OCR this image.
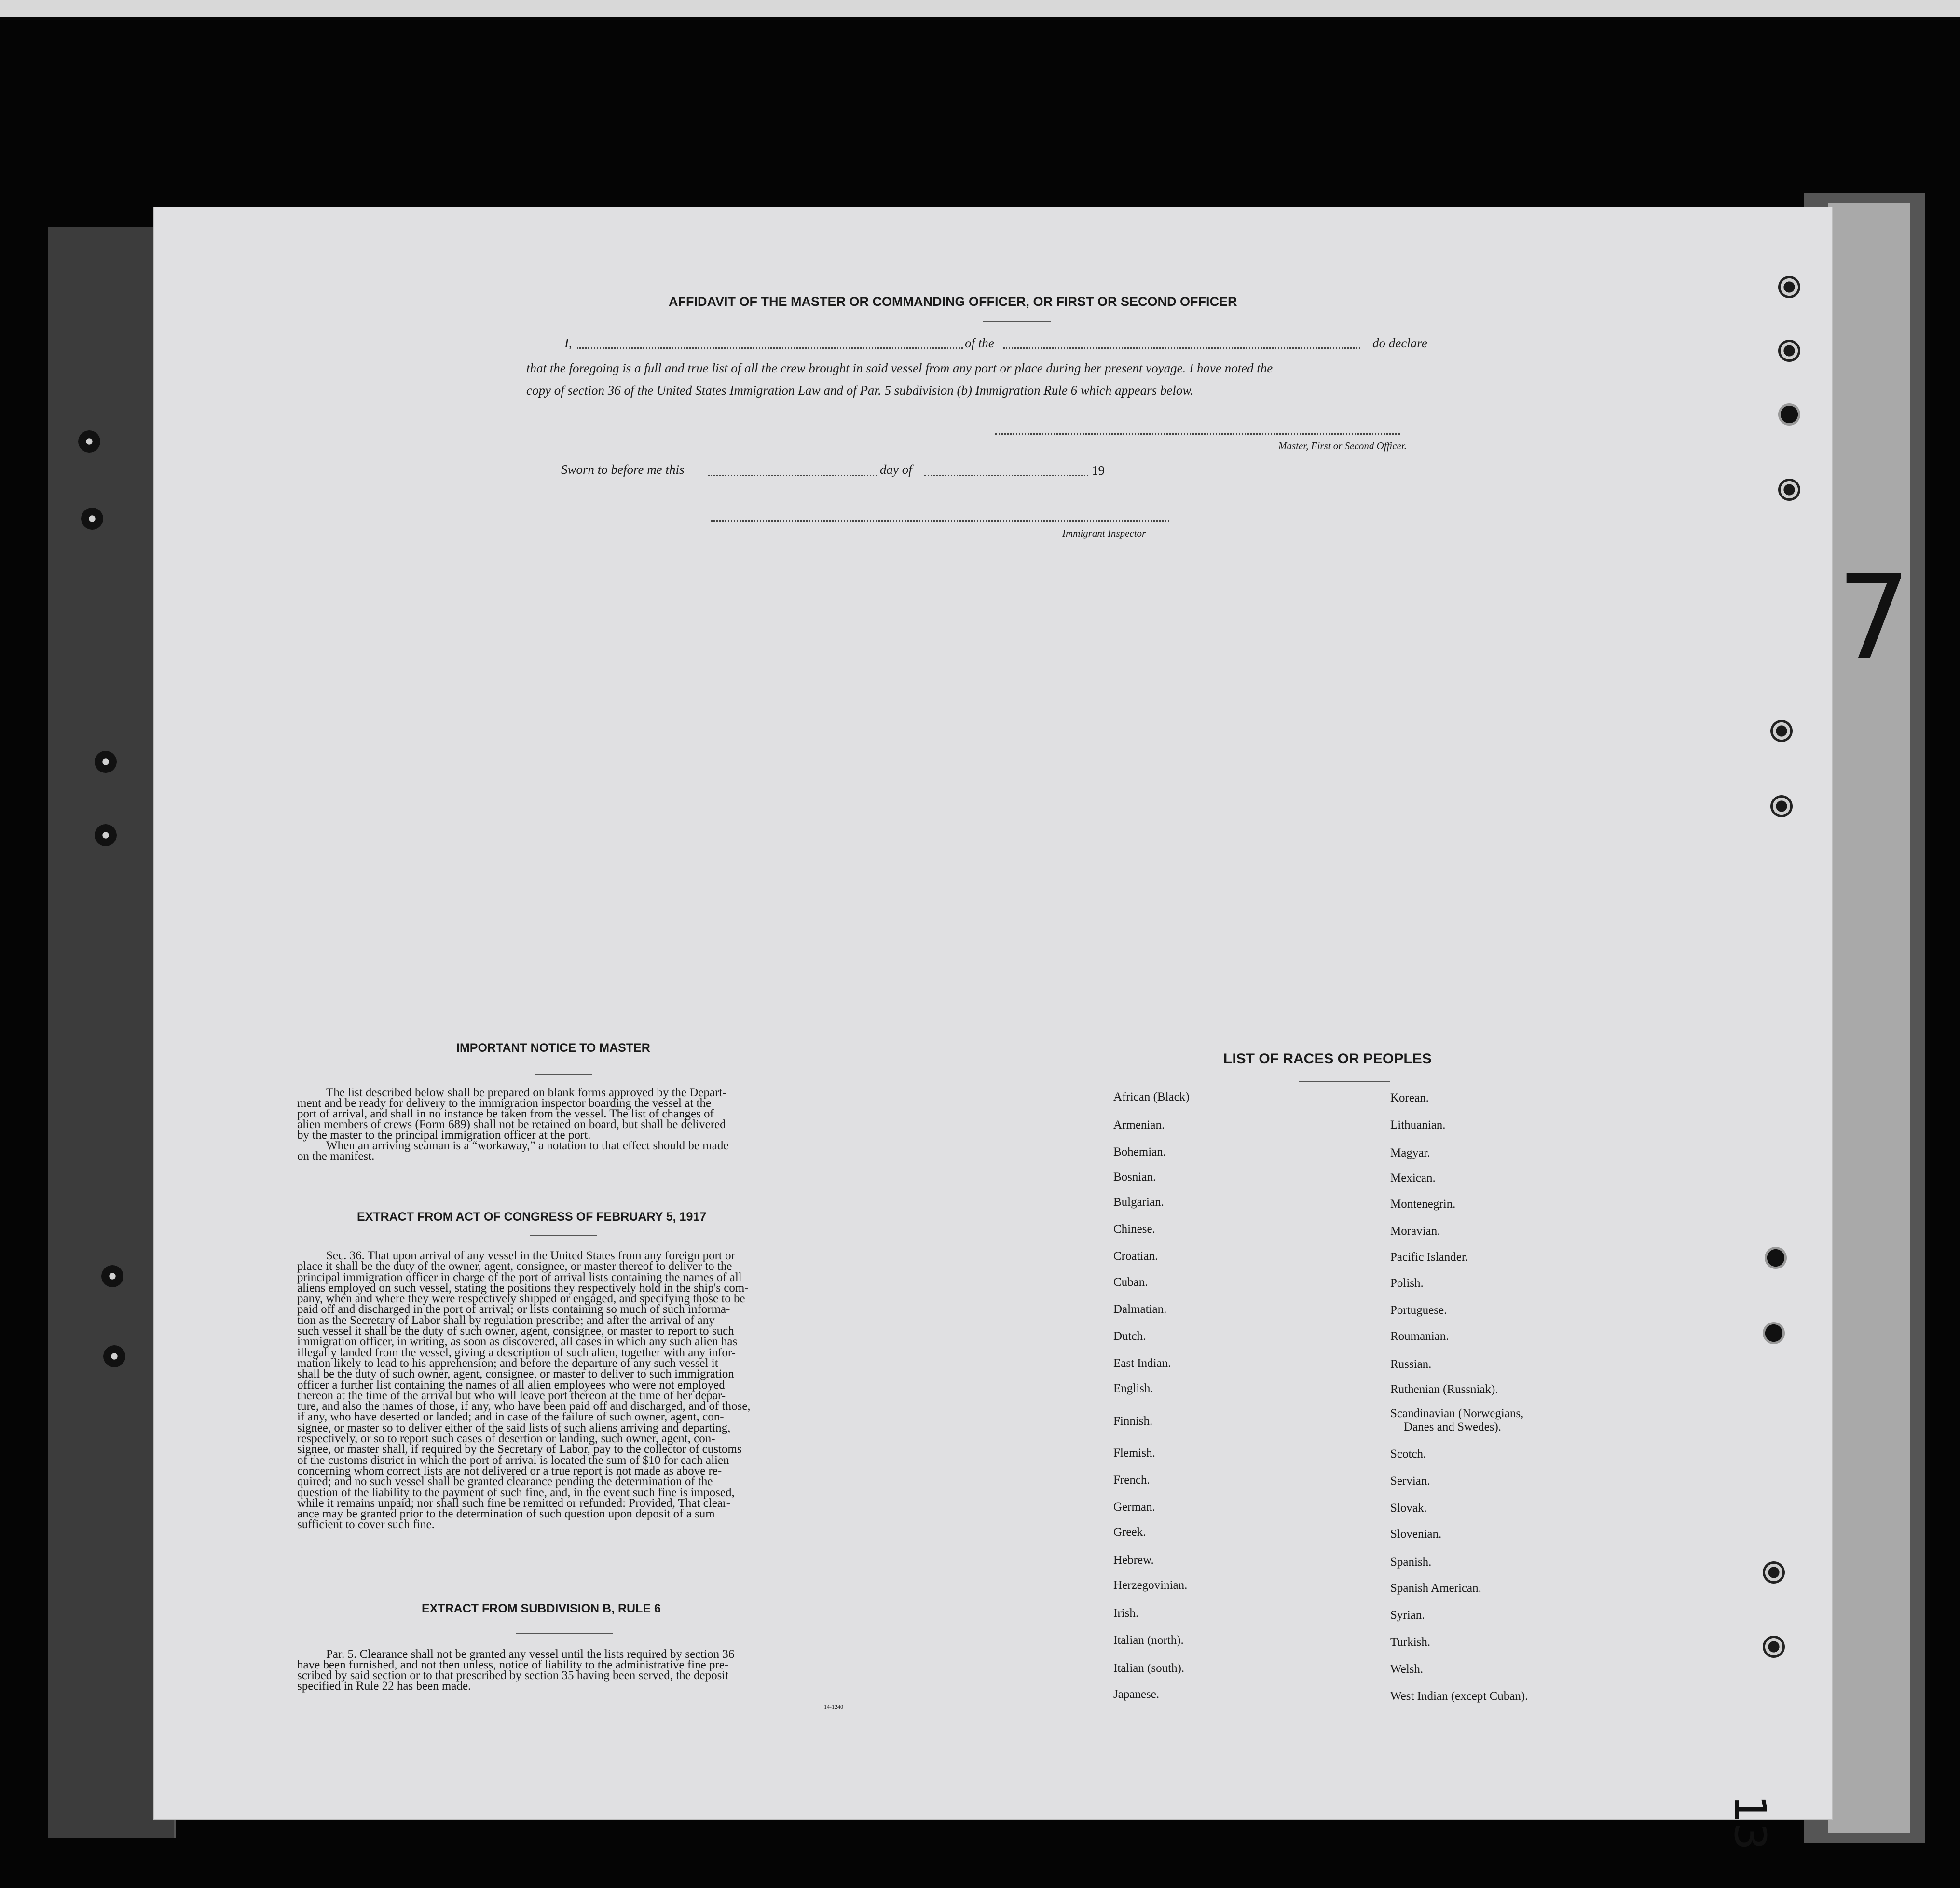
AFFIDAVIT OF THE MASTER OR COMMANDING OFFICER, OR FIRST OR SECOND OFFICER
I,	of the	do declare
that the foregoing is a full and true list of all the crew brought in said vessel from any port or place during her present voyage. I have noted the
copy of section 36 of the United States Immigration Law and of Par. 5 subdivision (b) Immigration Rule 6 which appears below.
Master, First or Second Officer.
Sworn to before me this	day of	19
Immigrant Inspector
IMPORTANT NOTICE TO MASTER
The list described below shall be prepared on blank forms approved by the Depart-
ment and be ready for delivery to the immigration inspector boarding the vessel at the
port of arrival, and shall in no instance be taken from the vessel. The list of changes of
alien members of crews (Form 689) shall not be retained on board, but shall be delivered
by the master to the principal immigration officer at the port.
When an arriving seaman is a “workaway,” a notation to that effect should be made
on the manifest.
EXTRACT FROM ACT OF CONGRESS OF FEBRUARY 5, 1917
Sec. 36. That upon arrival of any vessel in the United States from any foreign port or
place it shall be the duty of the owner, agent, consignee, or master thereof to deliver to the
principal immigration officer in charge of the port of arrival lists containing the names of all
aliens employed on such vessel, stating the positions they respectively hold in the ship's com-
pany, when and where they were respectively shipped or engaged, and specifying those to be
paid off and discharged in the port of arrival; or lists containing so much of such informa-
tion as the Secretary of Labor shall by regulation prescribe; and after the arrival of any
such vessel it shall be the duty of such owner, agent, consignee, or master to report to such
immigration officer, in writing, as soon as discovered, all cases in which any such alien has
illegally landed from the vessel, giving a description of such alien, together with any infor-
mation likely to lead to his apprehension; and before the departure of any such vessel it
shall be the duty of such owner, agent, consignee, or master to deliver to such immigration
officer a further list containing the names of all alien employees who were not employed
thereon at the time of the arrival but who will leave port thereon at the time of her depar-
ture, and also the names of those, if any, who have been paid off and discharged, and of those,
if any, who have deserted or landed; and in case of the failure of such owner, agent, con-
signee, or master so to deliver either of the said lists of such aliens arriving and departing,
respectively, or so to report such cases of desertion or landing, such owner, agent, con-
signee, or master shall, if required by the Secretary of Labor, pay to the collector of customs
of the customs district in which the port of arrival is located the sum of $10 for each alien
concerning whom correct lists are not delivered or a true report is not made as above re-
quired; and no such vessel shall be granted clearance pending the determination of the
question of the liability to the payment of such fine, and, in the event such fine is imposed,
while it remains unpaid; nor shall such fine be remitted or refunded: Provided, That clear-
ance may be granted prior to the determination of such question upon deposit of a sum
sufficient to cover such fine.
EXTRACT FROM SUBDIVISION B, RULE 6
Par. 5. Clearance shall not be granted any vessel until the lists required by section 36
have been furnished, and not then unless, notice of liability to the administrative fine pre-
scribed by said section or to that prescribed by section 35 having been served, the deposit
specified in Rule 22 has been made.
14-1240
LIST OF RACES OR PEOPLES
African (Black)
Armenian.
Bohemian.
Bosnian.
Bulgarian.
Chinese.
Croatian.
Cuban.
Dalmatian.
Dutch.
East Indian.
English.
Finnish.
Flemish.
French.
German.
Greek.
Hebrew.
Herzegovinian.
Irish.
Italian (north).
Italian (south).
Japanese.
Korean.
Lithuanian.
Magyar.
Mexican.
Montenegrin.
Moravian.
Pacific Islander.
Polish.
Portuguese.
Roumanian.
Russian.
Ruthenian (Russniak).
Scandinavian (Norwegians,
Danes and Swedes).
Scotch.
Servian.
Slovak.
Slovenian.
Spanish.
Spanish American.
Syrian.
Turkish.
Welsh.
West Indian (except Cuban).
7
13
